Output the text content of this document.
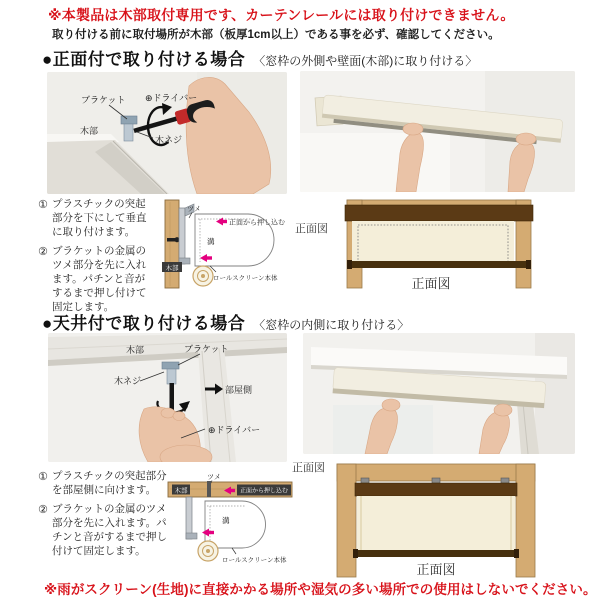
※本製品は木部取付専用です、カーテンレールには取り付けできません。
取り付ける前に取付場所が木部（板厚1cm以上）である事を必ず、確認してください。
●正面付で取り付ける場合 〈窓枠の外側や壁面(木部)に取り付ける〉
ブラケット ⊕ドライバー
木部
木ネジ
① プラスチックの突起部分を下にして垂直に取り付けます。
② ブラケットの金属のツメ部分を先に入れます。パチンと音がするまで押し付けて固定します。
木部
ツメ
正面から押し込む
溝
ロールスクリーン本体
正面図
正面図
●天井付で取り付ける場合 〈窓枠の内側に取り付ける〉
木部	ブラケット
木ネジ
部屋側
⊕ドライバー
① プラスチックの突起部分を部屋側に向けます。
② ブラケットの金属のツメ部分を先に入れます。パチンと音がするまで押し付けて固定します。
木部
ツメ
正面から押し込む
溝
ロールスクリーン本体
正面図
正面図
※雨がスクリーン(生地)に直接かかる場所や湿気の多い場所での使用はしないでください。
